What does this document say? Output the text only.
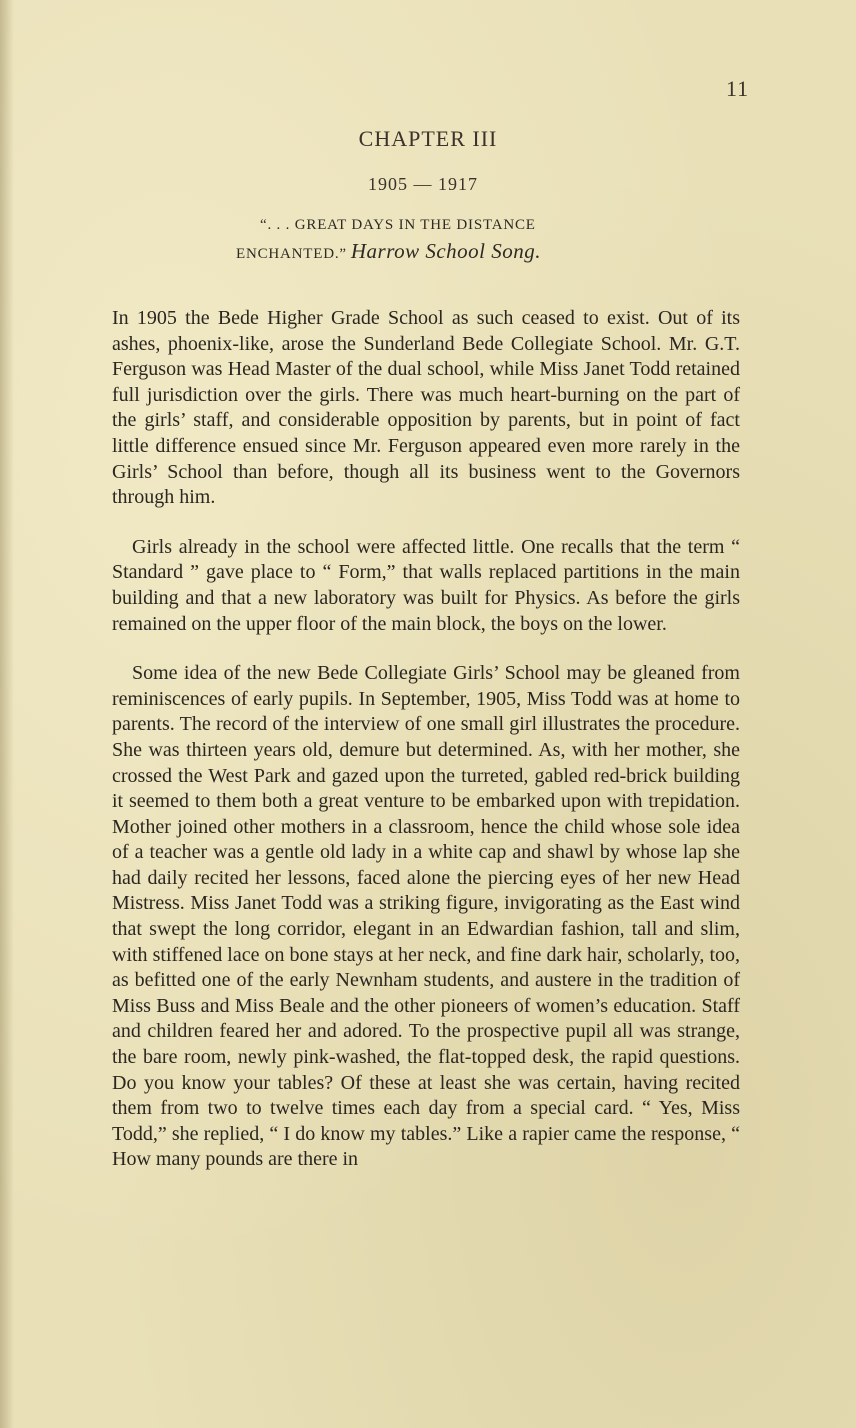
11
CHAPTER III
1905 — 1917
“. . . GREAT DAYS IN THE DISTANCE
ENCHANTED.” Harrow School Song.

In 1905 the Bede Higher Grade School as such ceased to exist. Out of its ashes, phoenix-like, arose the Sunderland Bede Collegiate School. Mr. G.T. Ferguson was Head Master of the dual school, while Miss Janet Todd retained full jurisdiction over the girls. There was much heart-burning on the part of the girls’ staff, and considerable opposition by parents, but in point of fact little difference ensued since Mr. Ferguson appeared even more rarely in the Girls’ School than before, though all its business went to the Governors through him.

Girls already in the school were affected little. One recalls that the term “ Standard ” gave place to “ Form,” that walls replaced partitions in the main building and that a new laboratory was built for Physics. As before the girls remained on the upper floor of the main block, the boys on the lower.

Some idea of the new Bede Collegiate Girls’ School may be gleaned from reminiscences of early pupils. In September, 1905, Miss Todd was at home to parents. The record of the interview of one small girl illustrates the procedure. She was thirteen years old, demure but determined. As, with her mother, she crossed the West Park and gazed upon the turreted, gabled red-brick building it seemed to them both a great venture to be embarked upon with trepidation. Mother joined other mothers in a classroom, hence the child whose sole idea of a teacher was a gentle old lady in a white cap and shawl by whose lap she had daily recited her lessons, faced alone the piercing eyes of her new Head Mistress. Miss Janet Todd was a striking figure, invigorating as the East wind that swept the long corridor, elegant in an Edwardian fashion, tall and slim, with stiffened lace on bone stays at her neck, and fine dark hair, scholarly, too, as befitted one of the early Newnham students, and austere in the tradition of Miss Buss and Miss Beale and the other pioneers of women’s education. Staff and children feared her and adored. To the prospective pupil all was strange, the bare room, newly pink-washed, the flat-topped desk, the rapid questions. Do you know your tables? Of these at least she was certain, having recited them from two to twelve times each day from a special card. “ Yes, Miss Todd,” she replied, “ I do know my tables.” Like a rapier came the response, “ How many pounds are there in
